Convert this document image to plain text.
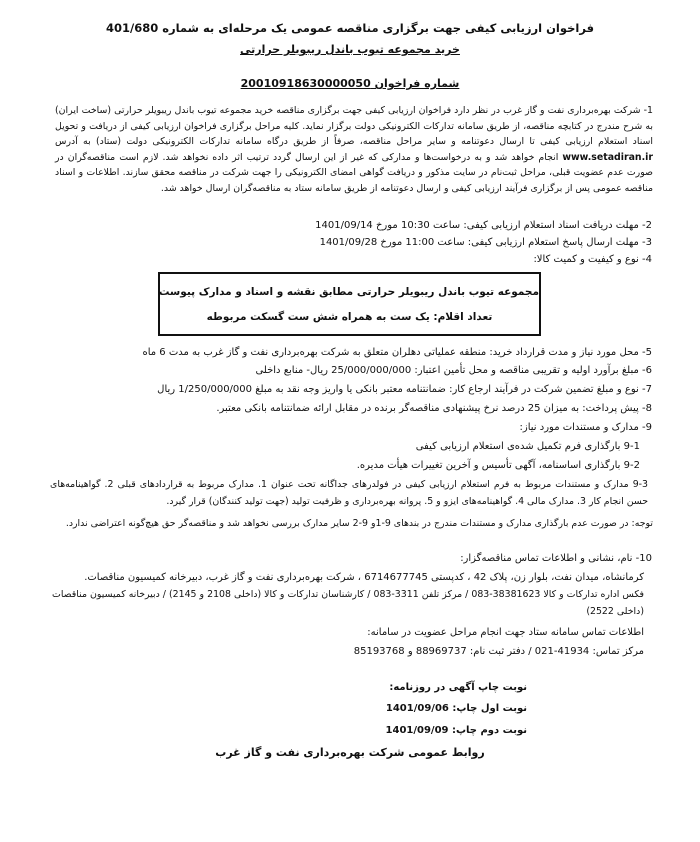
فراخوان ارزیابی کیفی جهت برگزاری مناقصه عمومی یک مرحله‌ای به شماره 401/680
خرید مجموعه تیوب باندل ریبویلر حرارتی
شماره فراخوان 20010918630000050
1- شرکت بهره‌برداری نفت و گاز غرب در نظر دارد فراخوان ارزیابی کیفی جهت برگزاری مناقصه خرید مجموعه تیوب باندل ریبویلر حرارتی (ساخت ایران) به شرح مندرج در کتابچه مناقصه، از طریق سامانه تدارکات الکترونیکی دولت برگزار نماید. کلیه مراحل برگزاری فراخوان ارزیابی کیفی از دریافت و تحویل اسناد استعلام ارزیابی کیفی تا ارسال دعوتنامه و سایر مراحل مناقصه، صرفاً از طریق درگاه سامانه تدارکات الکترونیکی دولت (ستاد) به آدرس www.setadiran.ir انجام خواهد شد و به درخواست‌ها و مدارکی که غیر از این ارسال گردد ترتیب اثر داده نخواهد شد. لازم است مناقصه‌گران در صورت عدم عضویت قبلی، مراحل ثبت‌نام در سایت مذکور و دریافت گواهی امضای الکترونیکی را جهت شرکت در مناقصه محقق سازند. اطلاعات و اسناد مناقصه عمومی پس از برگزاری فرآیند ارزیابی کیفی و ارسال دعوتنامه از طریق سامانه ستاد به مناقصه‌گران ارسال خواهد شد.
2- مهلت دریافت اسناد استعلام ارزیابی کیفی: ساعت 10:30 مورخ 1401/09/14
3- مهلت ارسال پاسخ استعلام ارزیابی کیفی: ساعت 11:00 مورخ 1401/09/28
4- نوع و کیفیت و کمیت کالا:
مجموعه تیوب باندل ریبویلر حرارتی مطابق نقشه و اسناد و مدارک پیوست
تعداد اقلام: یک ست به همراه شش ست گسکت مربوطه
5- محل مورد نیاز و مدت قرارداد خرید: منطقه عملیاتی دهلران متعلق به شرکت بهره‌برداری نفت و گاز غرب به مدت 6 ماه
6- مبلغ برآورد اولیه و تقریبی مناقصه و محل تأمین اعتبار: 25/000/000/000 ریال- منابع داخلی
7- نوع و مبلغ تضمین شرکت در فرآیند ارجاع کار: ضمانتنامه معتبر بانکی یا واریز وجه نقد به مبلغ 1/250/000/000 ریال
8- پیش پرداخت: به میزان 25 درصد نرخ پیشنهادی مناقصه‌گر برنده در مقابل ارائه ضمانتنامه بانکی معتبر.
9- مدارک و مستندات مورد نیاز:
9-1 بارگذاری فرم تکمیل شده‌ی استعلام ارزیابی کیفی
9-2 بارگذاری اساسنامه، آگهی تأسیس و آخرین تغییرات هیأت مدیره.
9-3 مدارک و مستندات مربوط به فرم استعلام ارزیابی کیفی در فولدرهای جداگانه تحت عنوان 1. مدارک مربوط به قراردادهای قبلی 2. گواهینامه‌های حسن انجام کار 3. مدارک مالی 4. گواهینامه‌های ایزو و 5. پروانه بهره‌برداری و ظرفیت تولید (جهت تولید کنندگان) قرار گیرد.
توجه: در صورت عدم بارگذاری مدارک و مستندات مندرج در بندهای 9-1و 9-2 سایر مدارک بررسی نخواهد شد و مناقصه‌گر حق هیچ‌گونه اعتراضی ندارد.
10- نام، نشانی و اطلاعات تماس مناقصه‌گزار:
کرمانشاه، میدان نفت، بلوار زن، پلاک 42 ، کدپستی 6714677745 ، شرکت بهره‌برداری نفت و گاز غرب، دبیرخانه کمیسیون مناقصات.
فکس اداره تدارکات و کالا 38381623-083 / مرکز تلفن 3311-083 / کارشناسان تدارکات و کالا (داخلی 2108 و 2145) / دبیرخانه کمیسیون مناقصات (داخلی 2522)
اطلاعات تماس سامانه ستاد جهت انجام مراحل عضویت در سامانه:
مرکز تماس: 41934-021 / دفتر ثبت نام: 88969737 و 85193768
نوبت چاپ آگهی در روزنامه:
نوبت اول چاپ: 1401/09/06
نوبت دوم چاپ: 1401/09/09
روابط عمومی شرکت بهره‌برداری نفت و گاز غرب
